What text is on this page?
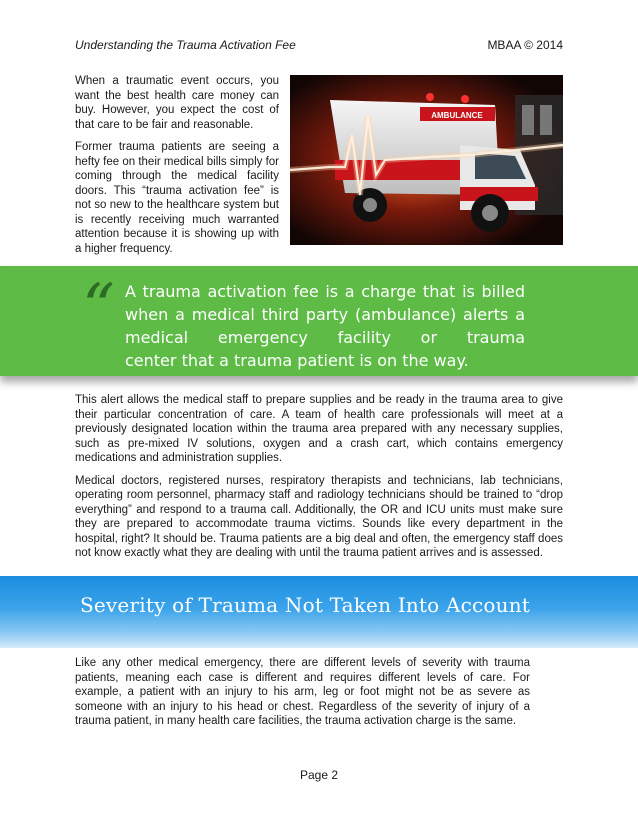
Understanding the Trauma Activation Fee	MBAA © 2014

When a traumatic event occurs, you want the best health care money can buy. However, you expect the cost of that care to be fair and reasonable.

Former trauma patients are seeing a hefty fee on their medical bills simply for coming through the medical facility doors. This “trauma activation fee” is not so new to the healthcare system but is recently receiving much warranted attention because it is showing up with a higher frequency.

AMBULANCE
“ A trauma activation fee is a charge that is billed when a medical third party (ambulance) alerts a medical emergency facility or trauma
center that a trauma patient is on the way.

This alert allows the medical staff to prepare supplies and be ready in the trauma area to give their particular concentration of care. A team of health care professionals will meet at a previously designated location within the trauma area prepared with any necessary supplies, such as pre-mixed IV solutions, oxygen and a crash cart, which contains emergency medications and administration supplies.

Medical doctors, registered nurses, respiratory therapists and technicians, lab technicians, operating room personnel, pharmacy staff and radiology technicians should be trained to “drop everything” and respond to a trauma call. Additionally, the OR and ICU units must make sure they are prepared to accommodate trauma victims. Sounds like every department in the hospital, right? It should be. Trauma patients are a big deal and often, the emergency staff does not know exactly what they are dealing with until the trauma patient arrives and is assessed.

Severity of Trauma Not Taken Into Account
Like any other medical emergency, there are different levels of severity with trauma patients, meaning each case is different and requires different levels of care. For example, a patient with an injury to his arm, leg or foot might not be as severe as someone with an injury to his head or chest. Regardless of the severity of injury of a trauma patient, in many health care facilities, the trauma activation charge is the same.
Page 2
